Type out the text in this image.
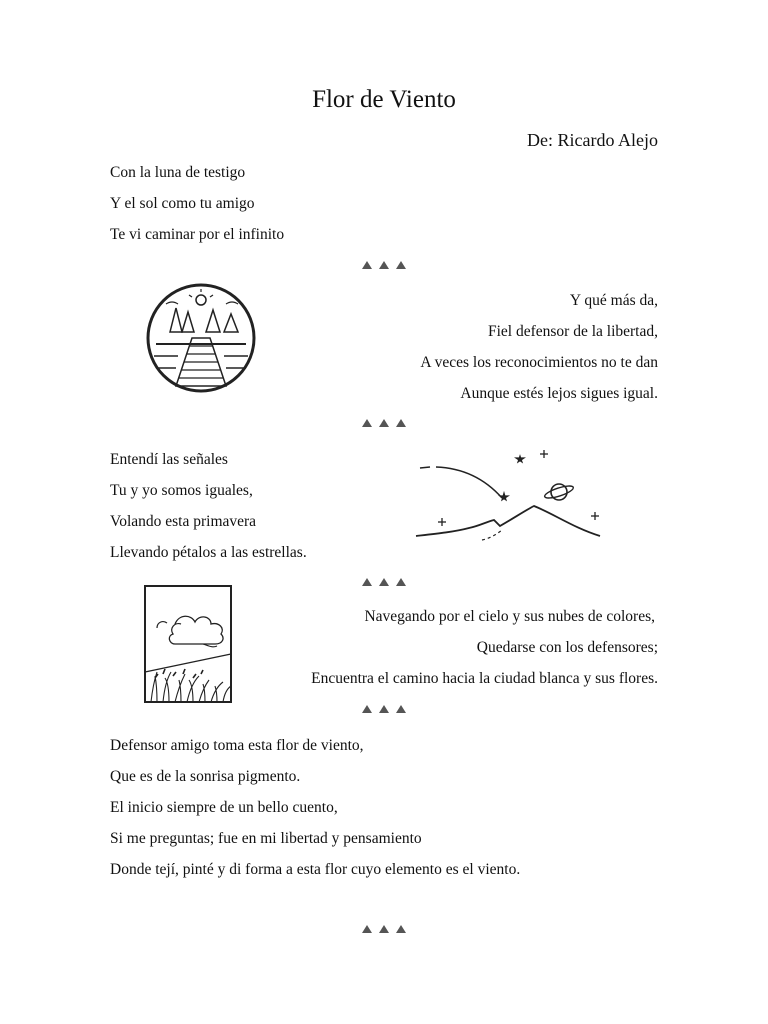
Flor de Viento
De: Ricardo Alejo
Con la luna de testigo
Y el sol como tu amigo
Te vi caminar por el infinito
Y qué más da,
Fiel defensor de la libertad,
A veces los reconocimientos no te dan
Aunque estés lejos sigues igual.
Entendí las señales
Tu y yo somos iguales,
Volando esta primavera
Llevando pétalos a las estrellas.
Navegando por el cielo y sus nubes de colores,
Quedarse con los defensores;
Encuentra el camino hacia la ciudad blanca y sus flores.
Defensor amigo toma esta flor de viento,
Que es de la sonrisa pigmento.
El inicio siempre de un bello cuento,
Si me preguntas; fue en mi libertad y pensamiento
Donde tejí, pinté y di forma a esta flor cuyo elemento es el viento.
